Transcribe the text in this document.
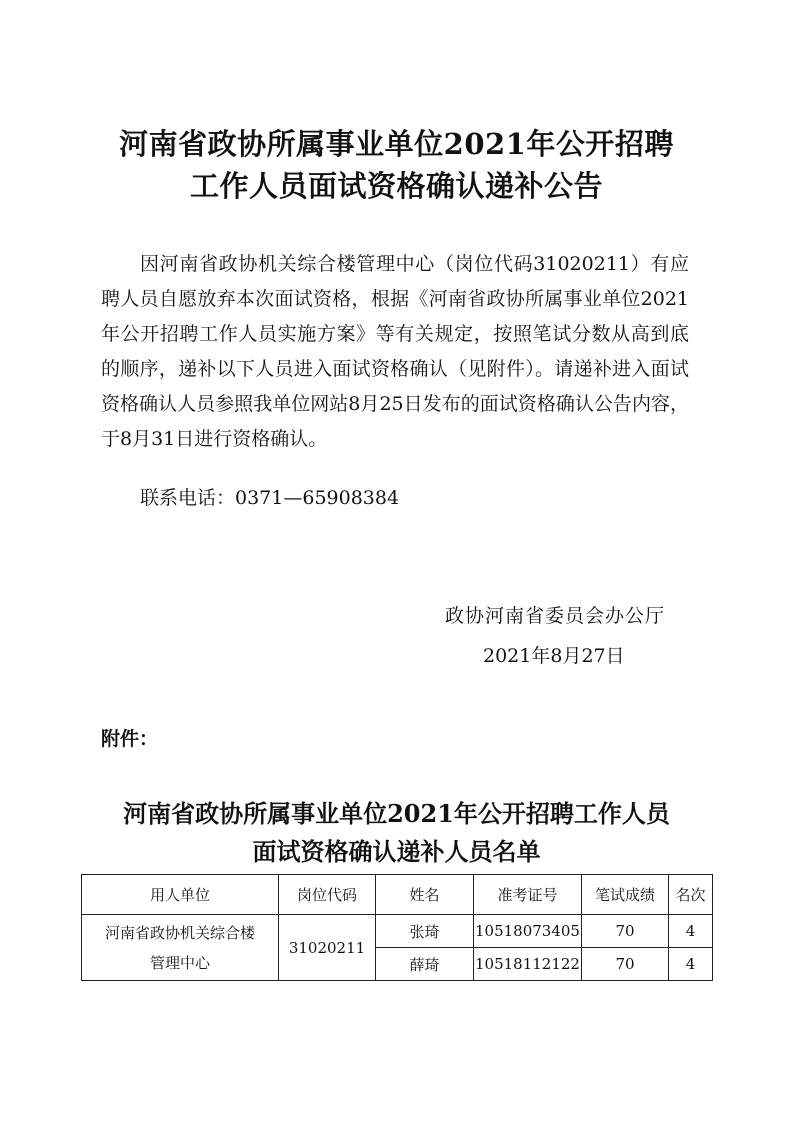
河南省政协所属事业单位2021年公开招聘
工作人员面试资格确认递补公告
因河南省政协机关综合楼管理中心（岗位代码31020211）有应聘人员自愿放弃本次面试资格，根据《河南省政协所属事业单位2021年公开招聘工作人员实施方案》等有关规定，按照笔试分数从高到底的顺序，递补以下人员进入面试资格确认（见附件）。请递补进入面试资格确认人员参照我单位网站8月25日发布的面试资格确认公告内容，于8月31日进行资格确认。
联系电话：0371—65908384
政协河南省委员会办公厅
2021年8月27日
附件：
河南省政协所属事业单位2021年公开招聘工作人员
面试资格确认递补人员名单
用人单位	岗位代码	姓名	准考证号	笔试成绩	名次

河南省政协机关综合楼
管理中心	31020211	张琦	10518073405	70	4
		薛琦	10518112122	70	4
